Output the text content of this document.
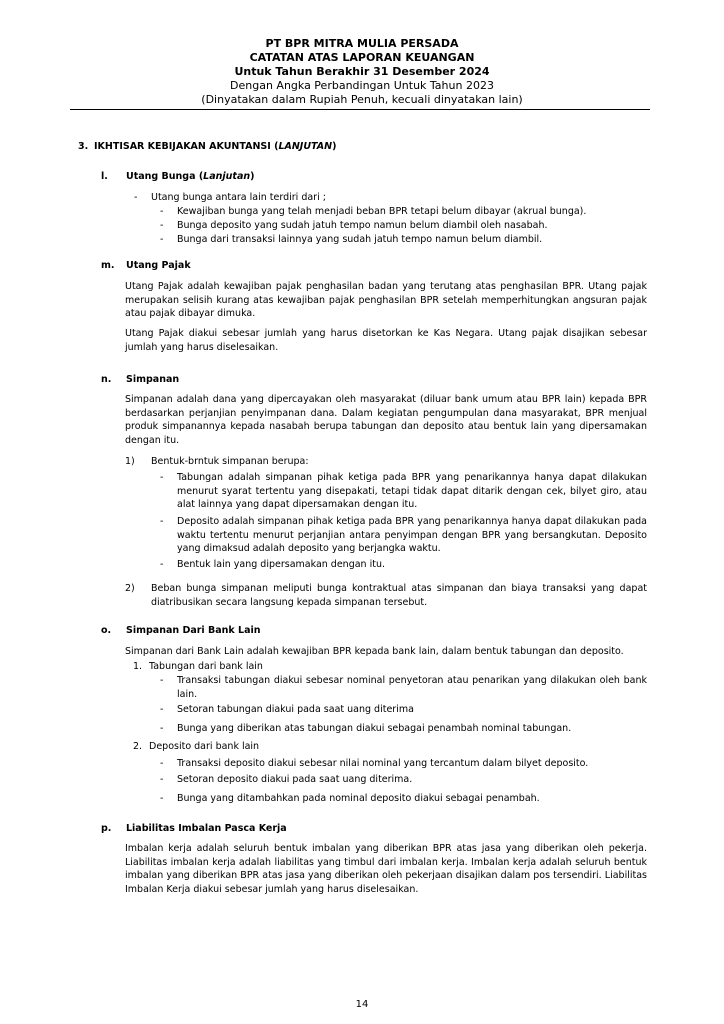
PT BPR MITRA MULIA PERSADA
CATATAN ATAS LAPORAN KEUANGAN
Untuk Tahun Berakhir 31 Desember 2024
Dengan Angka Perbandingan Untuk Tahun 2023
(Dinyatakan dalam Rupiah Penuh, kecuali dinyatakan lain)
3. IKHTISAR KEBIJAKAN AKUNTANSI (LANJUTAN)
l. Utang Bunga (Lanjutan)
- Utang bunga antara lain terdiri dari ;
- Kewajiban bunga yang telah menjadi beban BPR tetapi belum dibayar (akrual bunga).
- Bunga deposito yang sudah jatuh tempo namun belum diambil oleh nasabah.
- Bunga dari transaksi lainnya yang sudah jatuh tempo namun belum diambil.
m. Utang Pajak
Utang Pajak adalah kewajiban pajak penghasilan badan yang terutang atas penghasilan BPR. Utang pajak merupakan selisih kurang atas kewajiban pajak penghasilan BPR setelah memperhitungkan angsuran pajak atau pajak dibayar dimuka.
Utang Pajak diakui sebesar jumlah yang harus disetorkan ke Kas Negara. Utang pajak disajikan sebesar jumlah yang harus diselesaikan.
n. Simpanan
Simpanan adalah dana yang dipercayakan oleh masyarakat (diluar bank umum atau BPR lain) kepada BPR berdasarkan perjanjian penyimpanan dana. Dalam kegiatan pengumpulan dana masyarakat, BPR menjual produk simpanannya kepada nasabah berupa tabungan dan deposito atau bentuk lain yang dipersamakan dengan itu.
1) Bentuk-brntuk simpanan berupa:
- Tabungan adalah simpanan pihak ketiga pada BPR yang penarikannya hanya dapat dilakukan menurut syarat tertentu yang disepakati, tetapi tidak dapat ditarik dengan cek, bilyet giro, atau alat lainnya yang dapat dipersamakan dengan itu.
- Deposito adalah simpanan pihak ketiga pada BPR yang penarikannya hanya dapat dilakukan pada waktu tertentu menurut perjanjian antara penyimpan dengan BPR yang bersangkutan. Deposito yang dimaksud adalah deposito yang berjangka waktu.
- Bentuk lain yang dipersamakan dengan itu.
2) Beban bunga simpanan meliputi bunga kontraktual atas simpanan dan biaya transaksi yang dapat diatribusikan secara langsung kepada simpanan tersebut.
o. Simpanan Dari Bank Lain
Simpanan dari Bank Lain adalah kewajiban BPR kepada bank lain, dalam bentuk tabungan dan deposito.
1. Tabungan dari bank lain
- Transaksi tabungan diakui sebesar nominal penyetoran atau penarikan yang dilakukan oleh bank lain.
- Setoran tabungan diakui pada saat uang diterima
- Bunga yang diberikan atas tabungan diakui sebagai penambah nominal tabungan.
2. Deposito dari bank lain
- Transaksi deposito diakui sebesar nilai nominal yang tercantum dalam bilyet deposito.
- Setoran deposito diakui pada saat uang diterima.
- Bunga yang ditambahkan pada nominal deposito diakui sebagai penambah.
p. Liabilitas Imbalan Pasca Kerja
Imbalan kerja adalah seluruh bentuk imbalan yang diberikan BPR atas jasa yang diberikan oleh pekerja. Liabilitas imbalan kerja adalah liabilitas yang timbul dari imbalan kerja. Imbalan kerja adalah seluruh bentuk imbalan yang diberikan BPR atas jasa yang diberikan oleh pekerjaan disajikan dalam pos tersendiri. Liabilitas Imbalan Kerja diakui sebesar jumlah yang harus diselesaikan.
14
